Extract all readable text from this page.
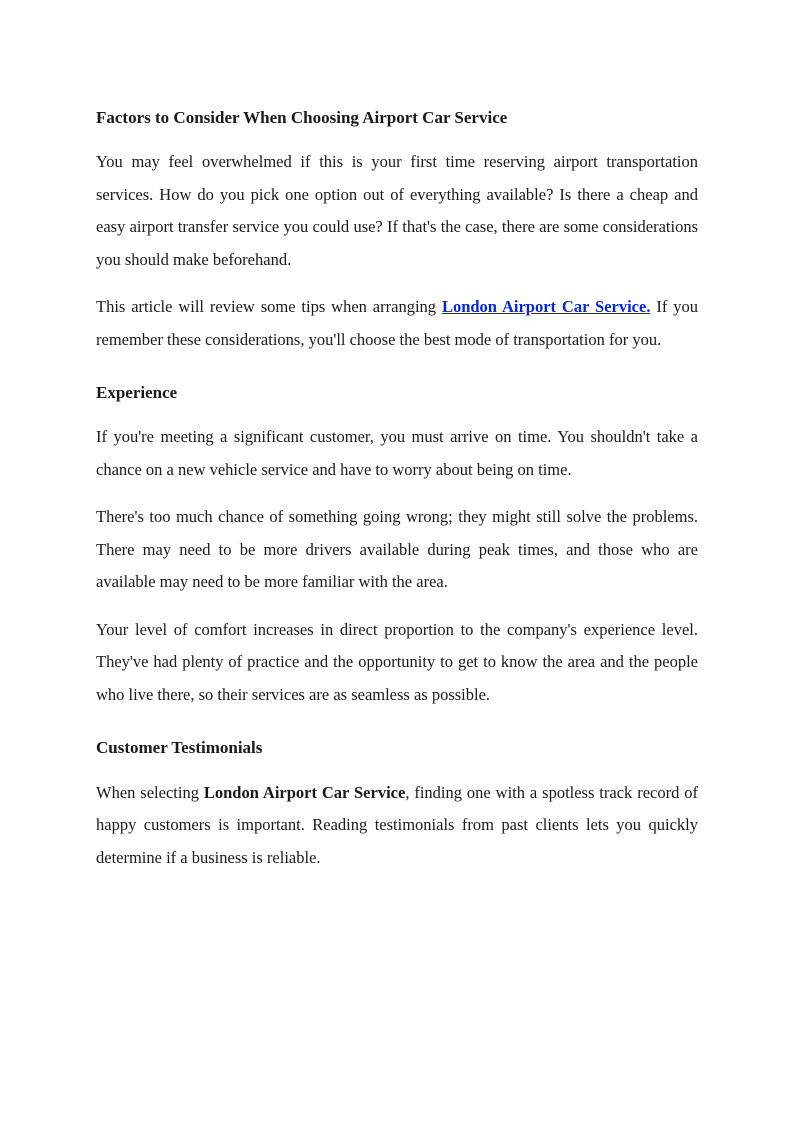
Factors to Consider When Choosing Airport Car Service

You may feel overwhelmed if this is your first time reserving airport transportation services. How do you pick one option out of everything available? Is there a cheap and easy airport transfer service you could use? If that's the case, there are some considerations you should make beforehand.

This article will review some tips when arranging London Airport Car Service. If you remember these considerations, you'll choose the best mode of transportation for you.

Experience

If you're meeting a significant customer, you must arrive on time. You shouldn't take a chance on a new vehicle service and have to worry about being on time.

There's too much chance of something going wrong; they might still solve the problems. There may need to be more drivers available during peak times, and those who are available may need to be more familiar with the area.

Your level of comfort increases in direct proportion to the company's experience level. They've had plenty of practice and the opportunity to get to know the area and the people who live there, so their services are as seamless as possible.

Customer Testimonials

When selecting London Airport Car Service, finding one with a spotless track record of happy customers is important. Reading testimonials from past clients lets you quickly determine if a business is reliable.
